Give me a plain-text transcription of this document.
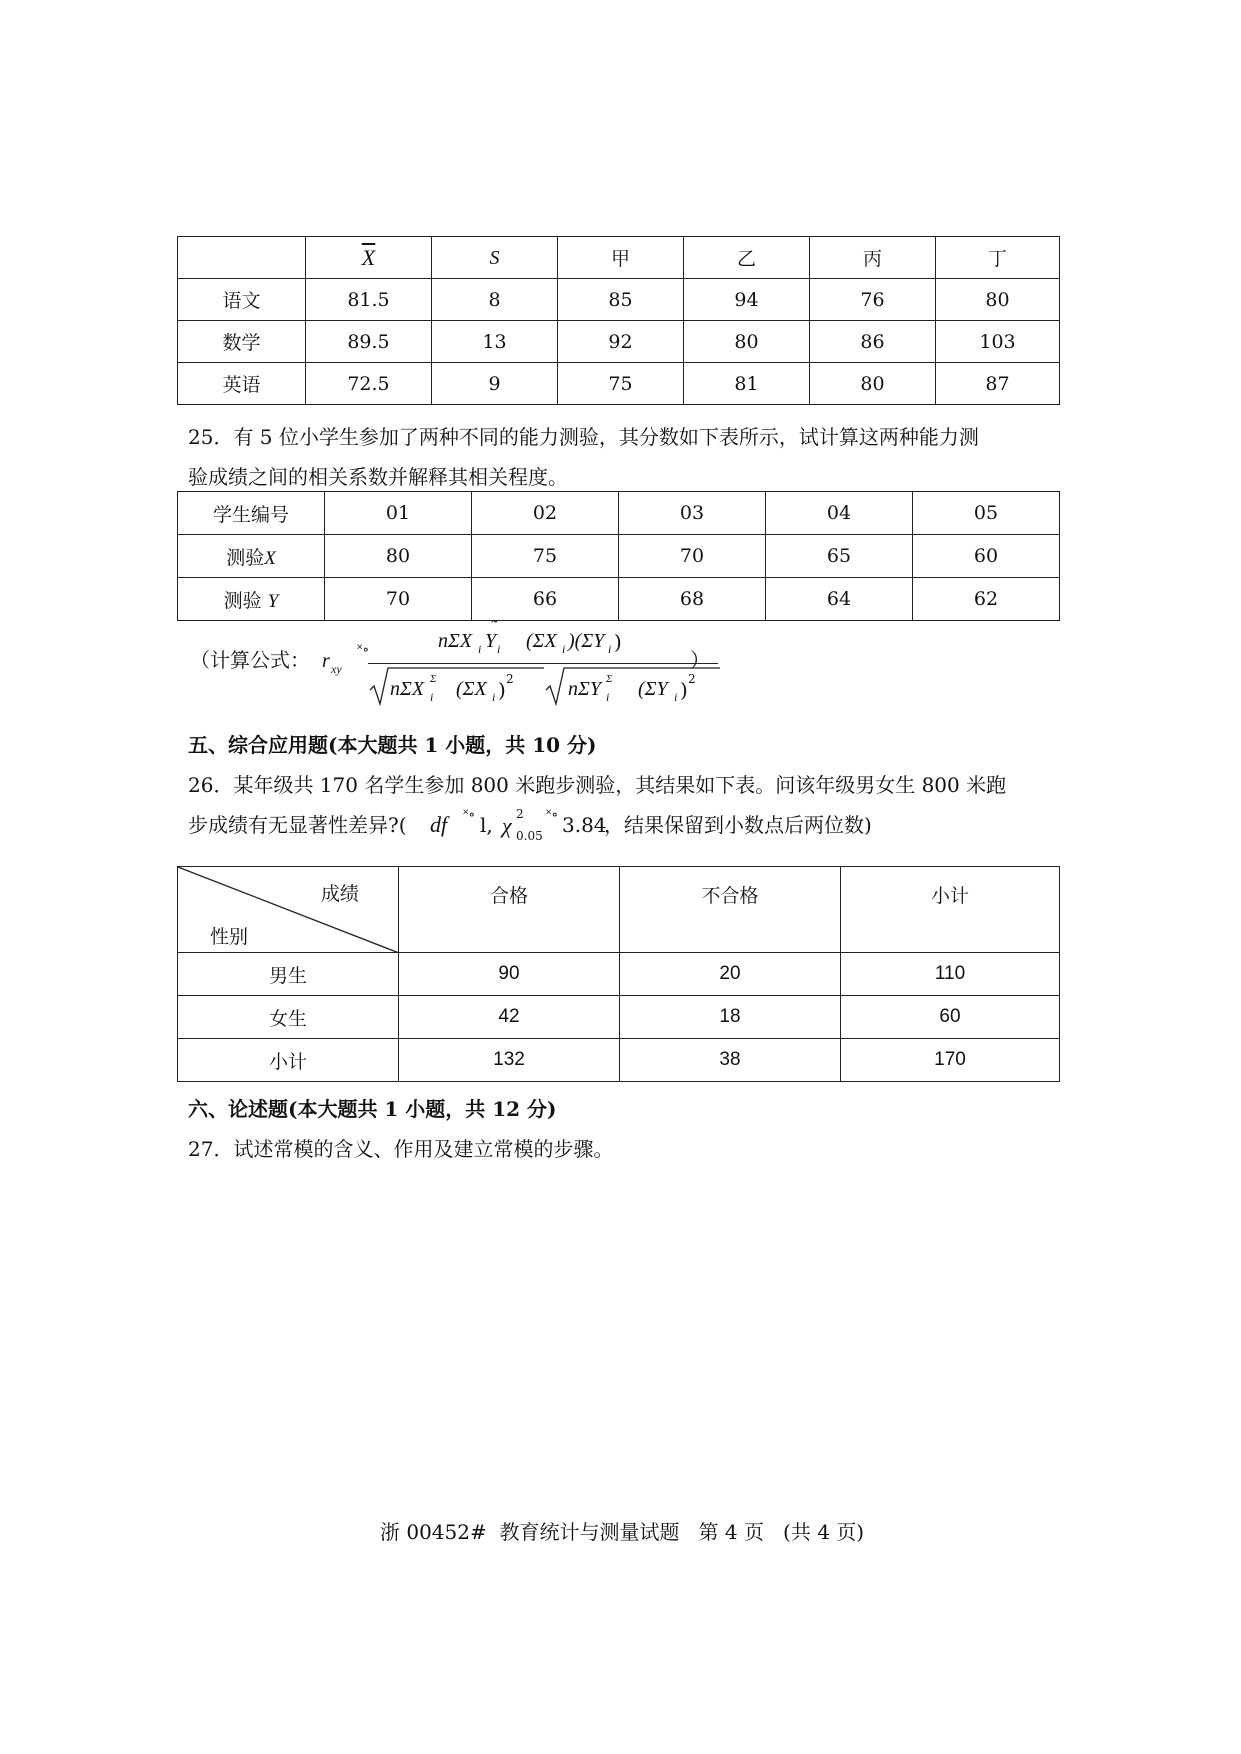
	$\overline{X}$	S	甲	乙	丙	丁
语文	81.5	8	85	94	76	80
数学	89.5	13	92	80	86	103
英语	72.5	9	75	81	80	87
25．有 5 位小学生参加了两种不同的能力测验，其分数如下表所示，试计算这两种能力测
验成绩之间的相关系数并解释其相关程度。
学生编号	01	02	03	04	05
测验X	80	75	70	65	60
测验 Y	70	66	68	64	62
（计算公式： r xy
˟∘	nΣX i Y
˜
i (ΣX i )(ΣY i )
nΣX Σ
i (ΣX i ) 2	nΣY Σ
i (ΣY i ) 2
）
五、综合应用题(本大题共 1 小题，共 10 分)
26．某年级共 170 名学生参加 800 米跑步测验，其结果如下表。问该年级男女生 800 米跑
步成绩有无显著性差异?( df ˟∘ l, χ 2
0.05
˟∘ 3.84
，结果保留到小数点后两位数)
成绩
性别	合格	不合格	小计
男生	90	20	110
女生	42	18	60
小计	132	38	170
六、论述题(本大题共 1 小题，共 12 分)
27．试述常模的含义、作用及建立常模的步骤。
浙 00452#  教育统计与测量试题   第 4 页   (共 4 页)
